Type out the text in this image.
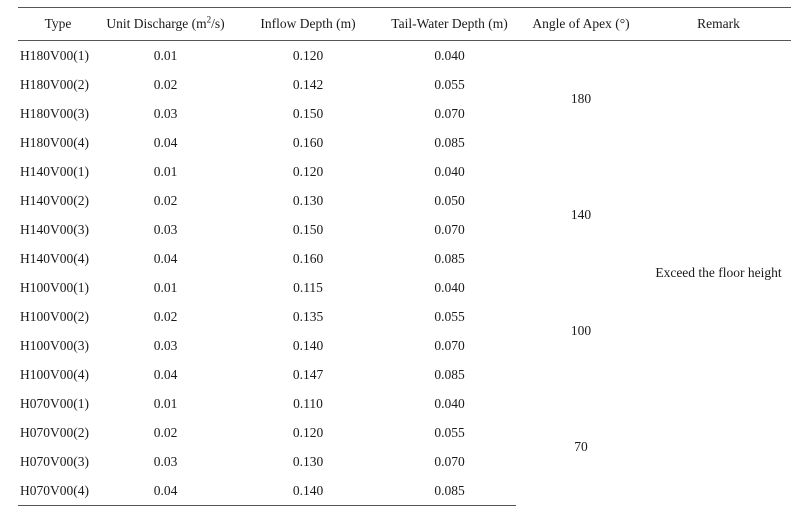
Type	Unit Discharge $(m^2/s)$	Inflow Depth (m)	Tail-Water Depth (m)	Angle of Apex (°)	Remark
H180V00(1)	0.01	0.120	0.040	180	Exceed the floor height
H180V00(2)	0.02	0.142	0.055		
H180V00(3)	0.03	0.150	0.070		
H180V00(4)	0.04	0.160	0.085		
H140V00(1)	0.01	0.120	0.040	140	
H140V00(2)	0.02	0.130	0.050		
H140V00(3)	0.03	0.150	0.070		
H140V00(4)	0.04	0.160	0.085		
H100V00(1)	0.01	0.115	0.040	100	
H100V00(2)	0.02	0.135	0.055		
H100V00(3)	0.03	0.140	0.070		
H100V00(4)	0.04	0.147	0.085		
H070V00(1)	0.01	0.110	0.040	70	
H070V00(2)	0.02	0.120	0.055		
H070V00(3)	0.03	0.130	0.070		
H070V00(4)	0.04	0.140	0.085		
